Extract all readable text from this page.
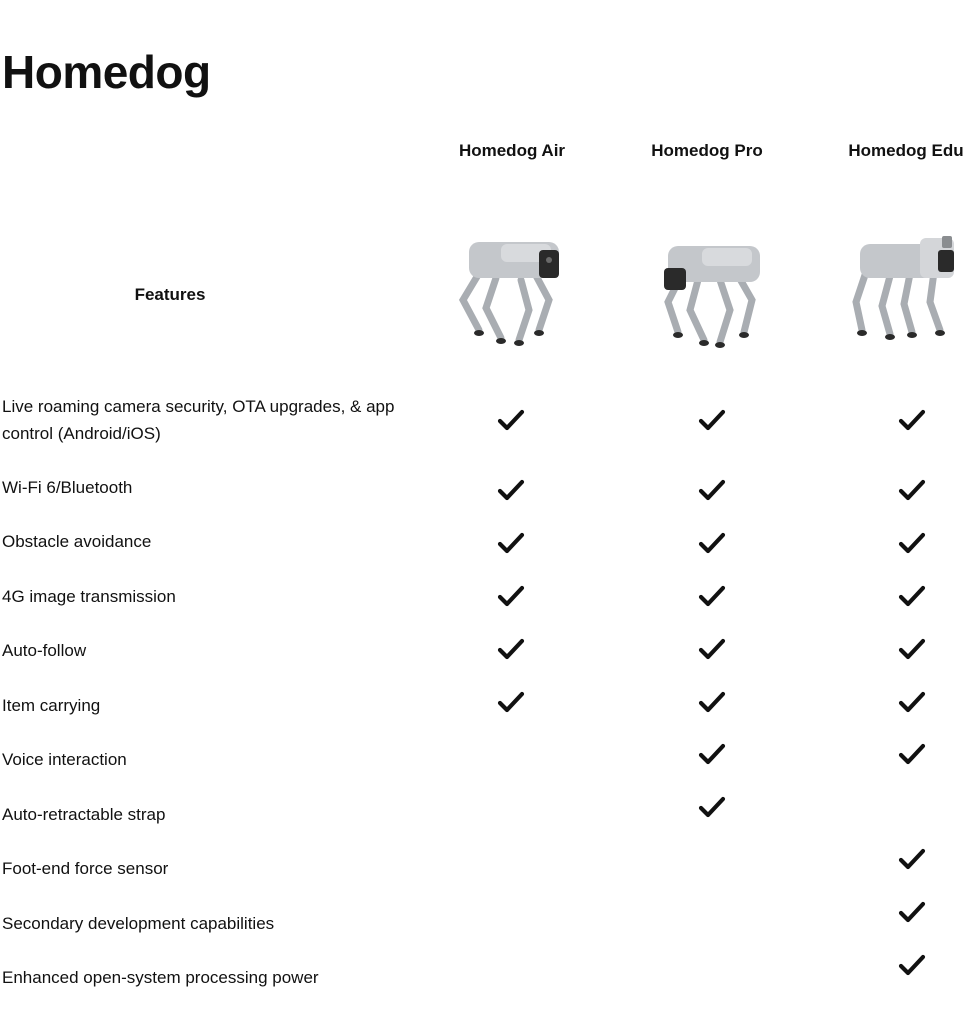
Homedog
Homedog Air	Homedog Pro	Homedog Edu
Features
Live roaming camera security, OTA upgrades, & app control (Android/iOS)
Wi-Fi 6/Bluetooth
Obstacle avoidance
4G image transmission
Auto-follow
Item carrying
Voice interaction
Auto-retractable strap
Foot-end force sensor
Secondary development capabilities
Enhanced open-system processing power
